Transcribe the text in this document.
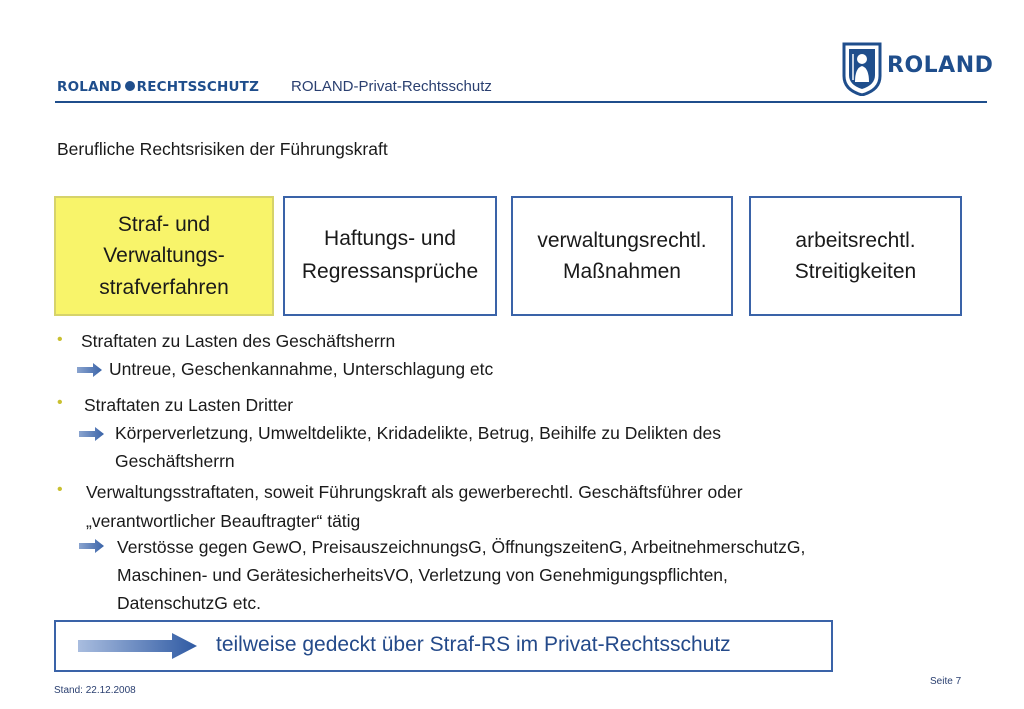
ROLAND RECHTSSCHUTZ ROLAND-Privat-Rechtsschutz
ROLAND
Berufliche Rechtsrisiken der Führungskraft
Straf- und
Verwaltungs-
strafverfahren
Haftungs- und
Regressansprüche
verwaltungsrechtl.
Maßnahmen
arbeitsrechtl.
Streitigkeiten
• Straftaten zu Lasten des Geschäftsherrn
Untreue, Geschenkannahme, Unterschlagung etc
• Straftaten zu Lasten Dritter
Körperverletzung, Umweltdelikte, Kridadelikte, Betrug, Beihilfe zu Delikten des
Geschäftsherrn
• Verwaltungsstraftaten, soweit Führungskraft als gewerberechtl. Geschäftsführer oder
„verantwortlicher Beauftragter“ tätig
Verstösse gegen GewO, PreisauszeichnungsG, ÖffnungszeitenG, ArbeitnehmerschutzG,
Maschinen- und GerätesicherheitsVO, Verletzung von Genehmigungspflichten,
DatenschutzG etc.
teilweise gedeckt über Straf-RS im Privat-Rechtsschutz
Stand: 22.12.2008
Seite 7
